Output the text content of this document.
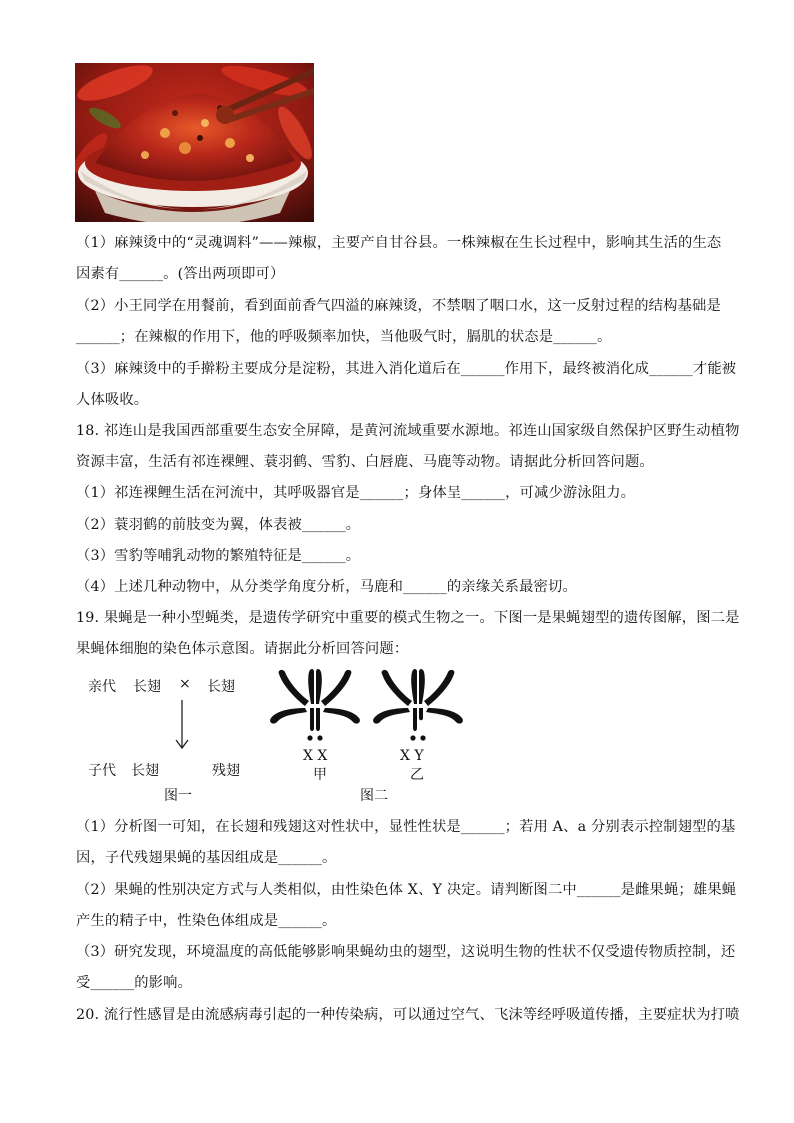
（1）麻辣烫中的“灵魂调料”——辣椒，主要产自甘谷县。一株辣椒在生长过程中，影响其生活的生态
因素有______。(答出两项即可）
（2）小王同学在用餐前，看到面前香气四溢的麻辣烫，不禁咽了咽口水，这一反射过程的结构基础是
______；在辣椒的作用下，他的呼吸频率加快，当他吸气时，膈肌的状态是______。
（3）麻辣烫中的手擀粉主要成分是淀粉，其进入消化道后在______作用下，最终被消化成______才能被
人体吸收。
18. 祁连山是我国西部重要生态安全屏障，是黄河流域重要水源地。祁连山国家级自然保护区野生动植物
资源丰富，生活有祁连裸鲤、蓑羽鹤、雪豹、白唇鹿、马鹿等动物。请据此分析回答问题。
（1）祁连裸鲤生活在河流中，其呼吸器官是______；身体呈______，可减少游泳阻力。
（2）蓑羽鹤的前肢变为翼，体表被______。
（3）雪豹等哺乳动物的繁殖特征是______。
（4）上述几种动物中，从分类学角度分析，马鹿和______的亲缘关系最密切。
19. 果蝇是一种小型蝇类，是遗传学研究中重要的模式生物之一。下图一是果蝇翅型的遗传图解，图二是
果蝇体细胞的染色体示意图。请据此分析回答问题：
亲代 长翅 × 长翅
子代 长翅	残翅
图一
X X
甲
X Y
乙
图二
（1）分析图一可知，在长翅和残翅这对性状中，显性性状是______；若用 A、a 分别表示控制翅型的基
因，子代残翅果蝇的基因组成是______。
（2）果蝇的性别决定方式与人类相似，由性染色体 X、Y 决定。请判断图二中______是雌果蝇；雄果蝇
产生的精子中，性染色体组成是______。
（3）研究发现，环境温度的高低能够影响果蝇幼虫的翅型，这说明生物的性状不仅受遗传物质控制，还
受______的影响。
20. 流行性感冒是由流感病毒引起的一种传染病，可以通过空气、飞沫等经呼吸道传播，主要症状为打喷
